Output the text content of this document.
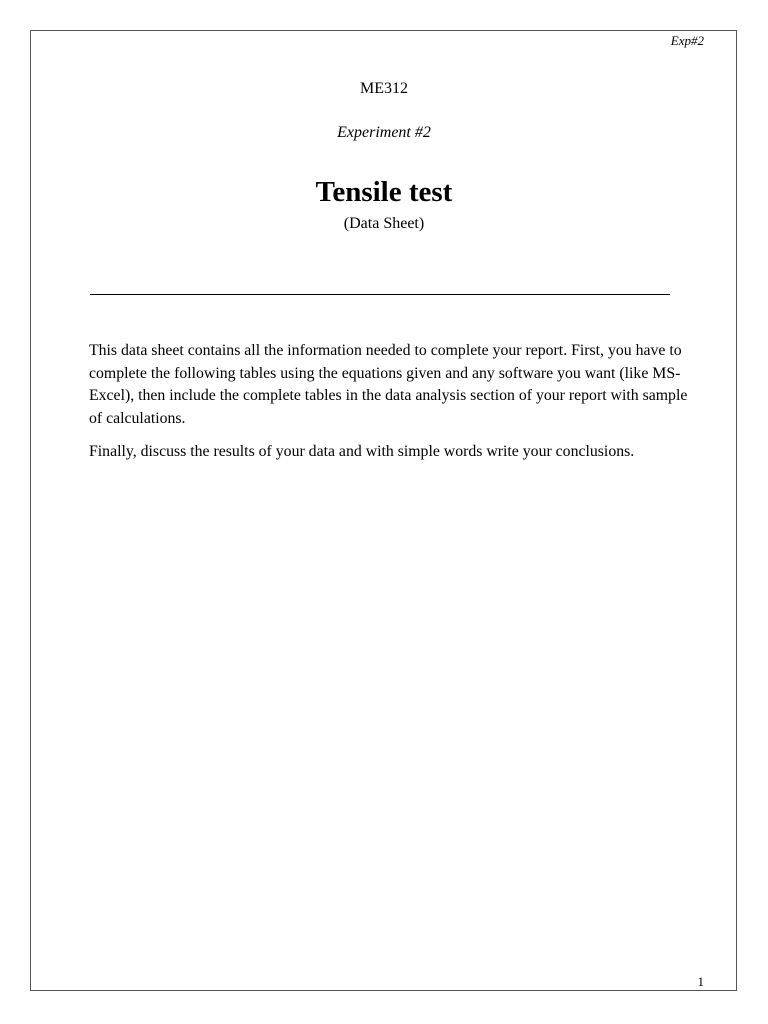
Exp#2
ME312
Experiment #2
Tensile test
(Data Sheet)

This data sheet contains all the information needed to complete your report. First, you have to complete the following tables using the equations given and any software you want (like MS-Excel), then include the complete tables in the data analysis section of your report with sample of calculations.

Finally, discuss the results of your data and with simple words write your conclusions.

1
